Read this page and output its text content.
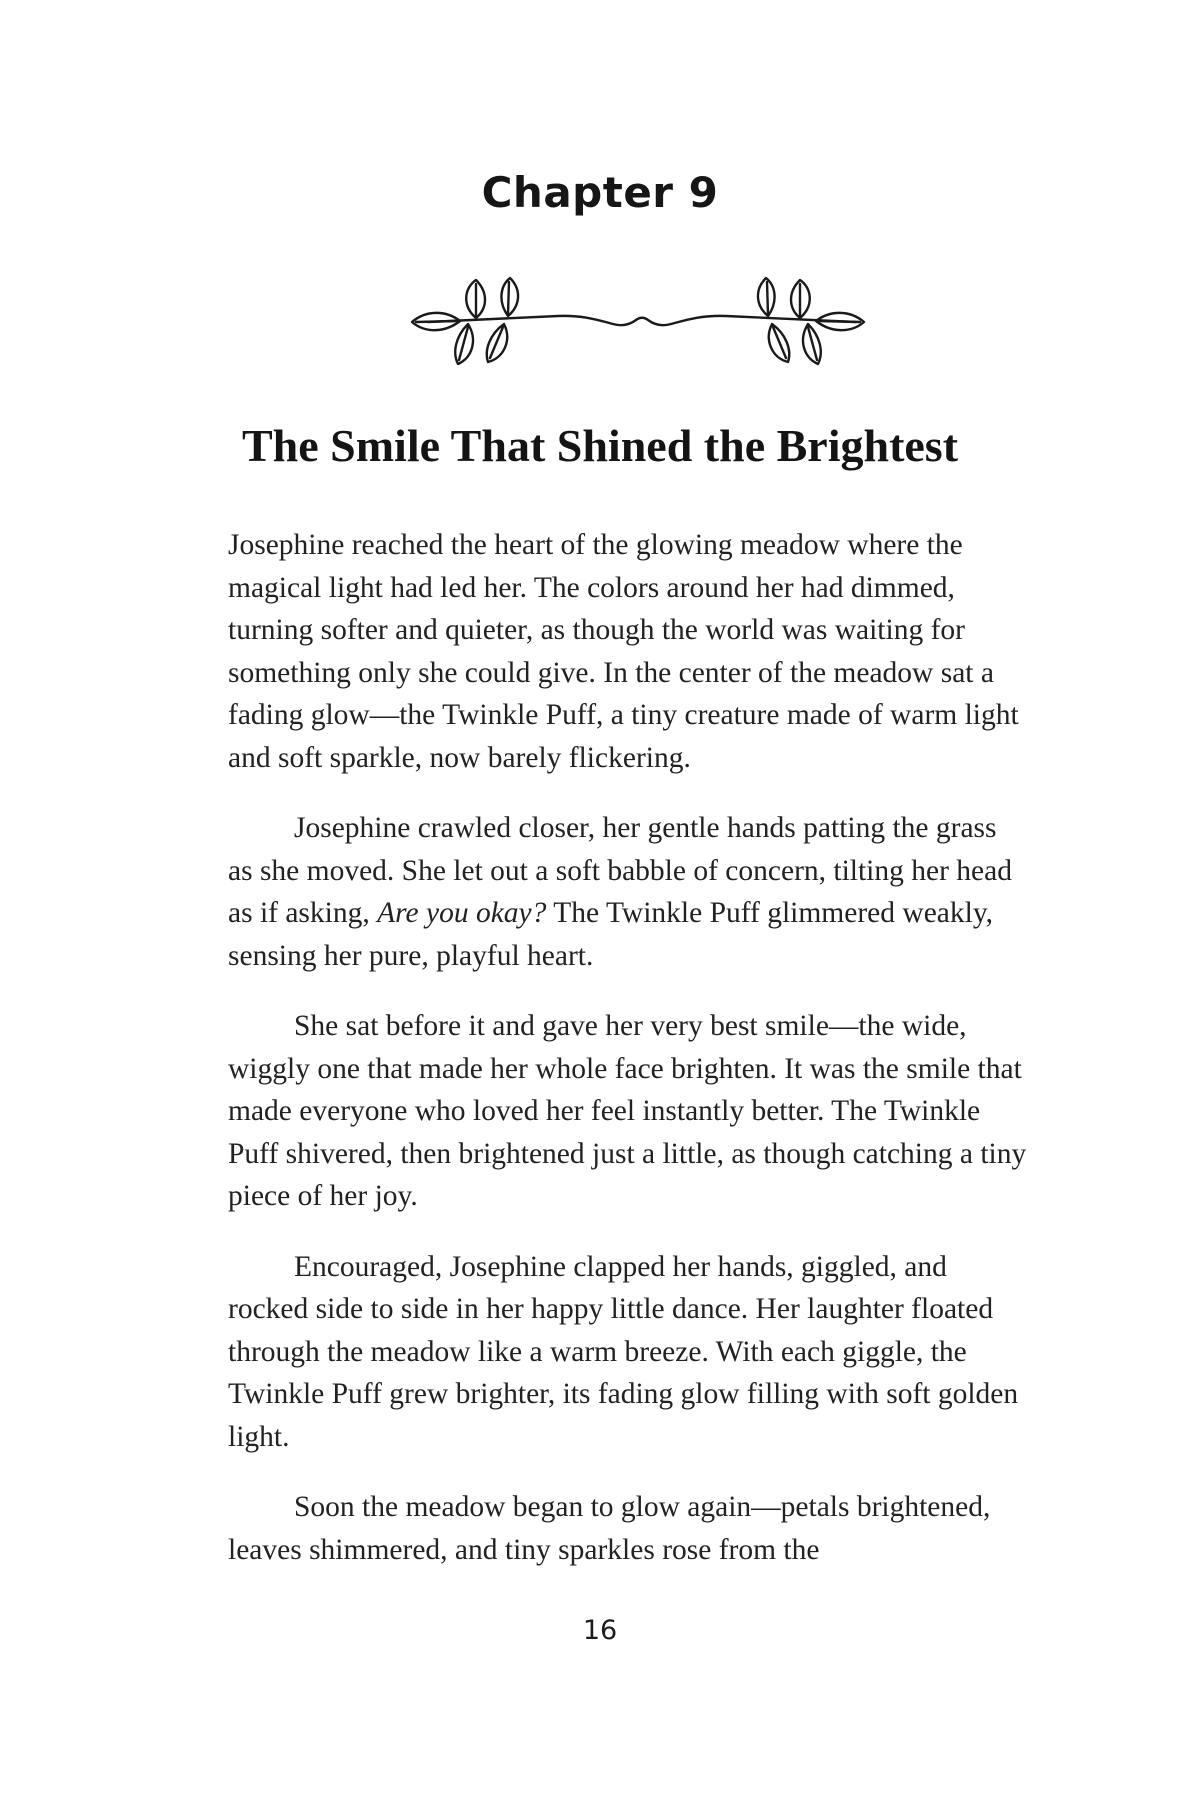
Chapter 9
The Smile That Shined the Brightest

Josephine reached the heart of the glowing meadow where the magical light had led her. The colors around her had dimmed, turning softer and quieter, as though the world was waiting for something only she could give. In the center of the meadow sat a fading glow—the Twinkle Puff, a tiny creature made of warm light and soft sparkle, now barely flickering.

Josephine crawled closer, her gentle hands patting the grass as she moved. She let out a soft babble of concern, tilting her head as if asking, Are you okay? The Twinkle Puff glimmered weakly, sensing her pure, playful heart.

She sat before it and gave her very best smile—the wide, wiggly one that made her whole face brighten. It was the smile that made everyone who loved her feel instantly better. The Twinkle Puff shivered, then brightened just a little, as though catching a tiny piece of her joy.

Encouraged, Josephine clapped her hands, giggled, and rocked side to side in her happy little dance. Her laughter floated through the meadow like a warm breeze. With each giggle, the Twinkle Puff grew brighter, its fading glow filling with soft golden light.

Soon the meadow began to glow again—petals brightened, leaves shimmered, and tiny sparkles rose from the

16
